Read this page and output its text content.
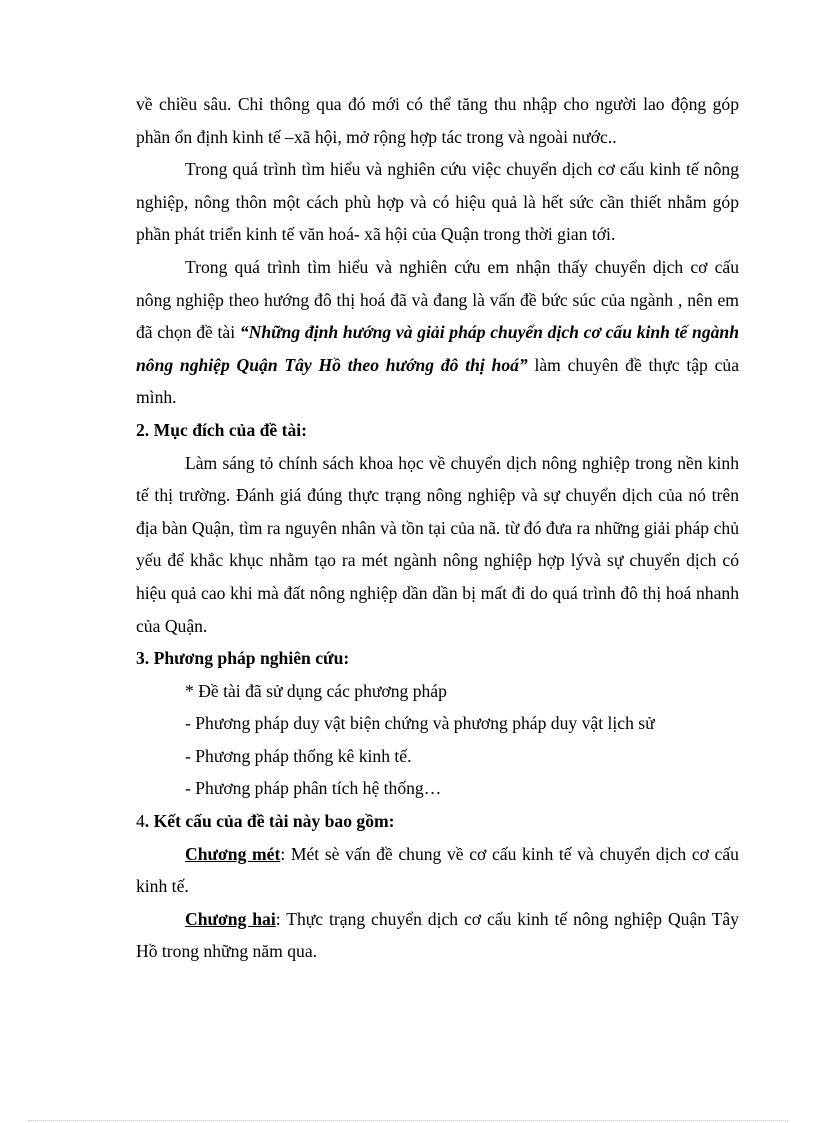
về chiều sâu. Chỉ thông qua đó mới có thể tăng thu nhập cho người lao động góp phần ổn định kinh tế –xã hội, mở rộng hợp tác trong và ngoài nước..

Trong quá trình tìm hiểu và nghiên cứu việc chuyển dịch cơ cấu kinh tế nông nghiệp, nông thôn một cách phù hợp và có hiệu quả là hết sức cần thiết nhằm góp phần phát triển kinh tế văn hoá- xã hội của Quận trong thời gian tới.

Trong quá trình tìm hiểu và nghiên cứu em nhận thấy chuyển dịch cơ cấu nông nghiệp theo hướng đô thị hoá đã và đang là vấn đề bức súc của ngành , nên em đã chọn đề tài “Những định hướng và giải pháp chuyển dịch cơ cấu kinh tế ngành nông nghiệp Quận Tây Hồ theo hướng đô thị hoá” làm chuyên đề thực tập của mình.

2. Mục đích của đề tài:

Làm sáng tỏ chính sách khoa học về chuyển dịch nông nghiệp trong nền kinh tế thị trường. Đánh giá đúng thực trạng nông nghiệp và sự chuyển dịch của nó trên địa bàn Quận, tìm ra nguyên nhân và tồn tại của nã. từ đó đưa ra những giải pháp chủ yếu để khắc khục nhằm tạo ra mét ngành nông nghiệp hợp lývà sự chuyển dịch có hiệu quả cao khi mà đất nông nghiệp dần dần bị mất đi do quá trình đô thị hoá nhanh của Quận.

3. Phương pháp nghiên cứu:

* Đề tài đã sử dụng các phương pháp

- Phương pháp duy vật biện chứng và phương pháp duy vật lịch sử

- Phương pháp thống kê kinh tế.

- Phương pháp phân tích hệ thống…

4. Kết cấu của đề tài này bao gồm:

Chương mét: Mét sè vấn đề chung về cơ cấu kinh tế và chuyển dịch cơ cấu kinh tế.

Chương hai: Thực trạng chuyển dịch cơ cấu kinh tế nông nghiệp Quận Tây Hồ trong những năm qua.
